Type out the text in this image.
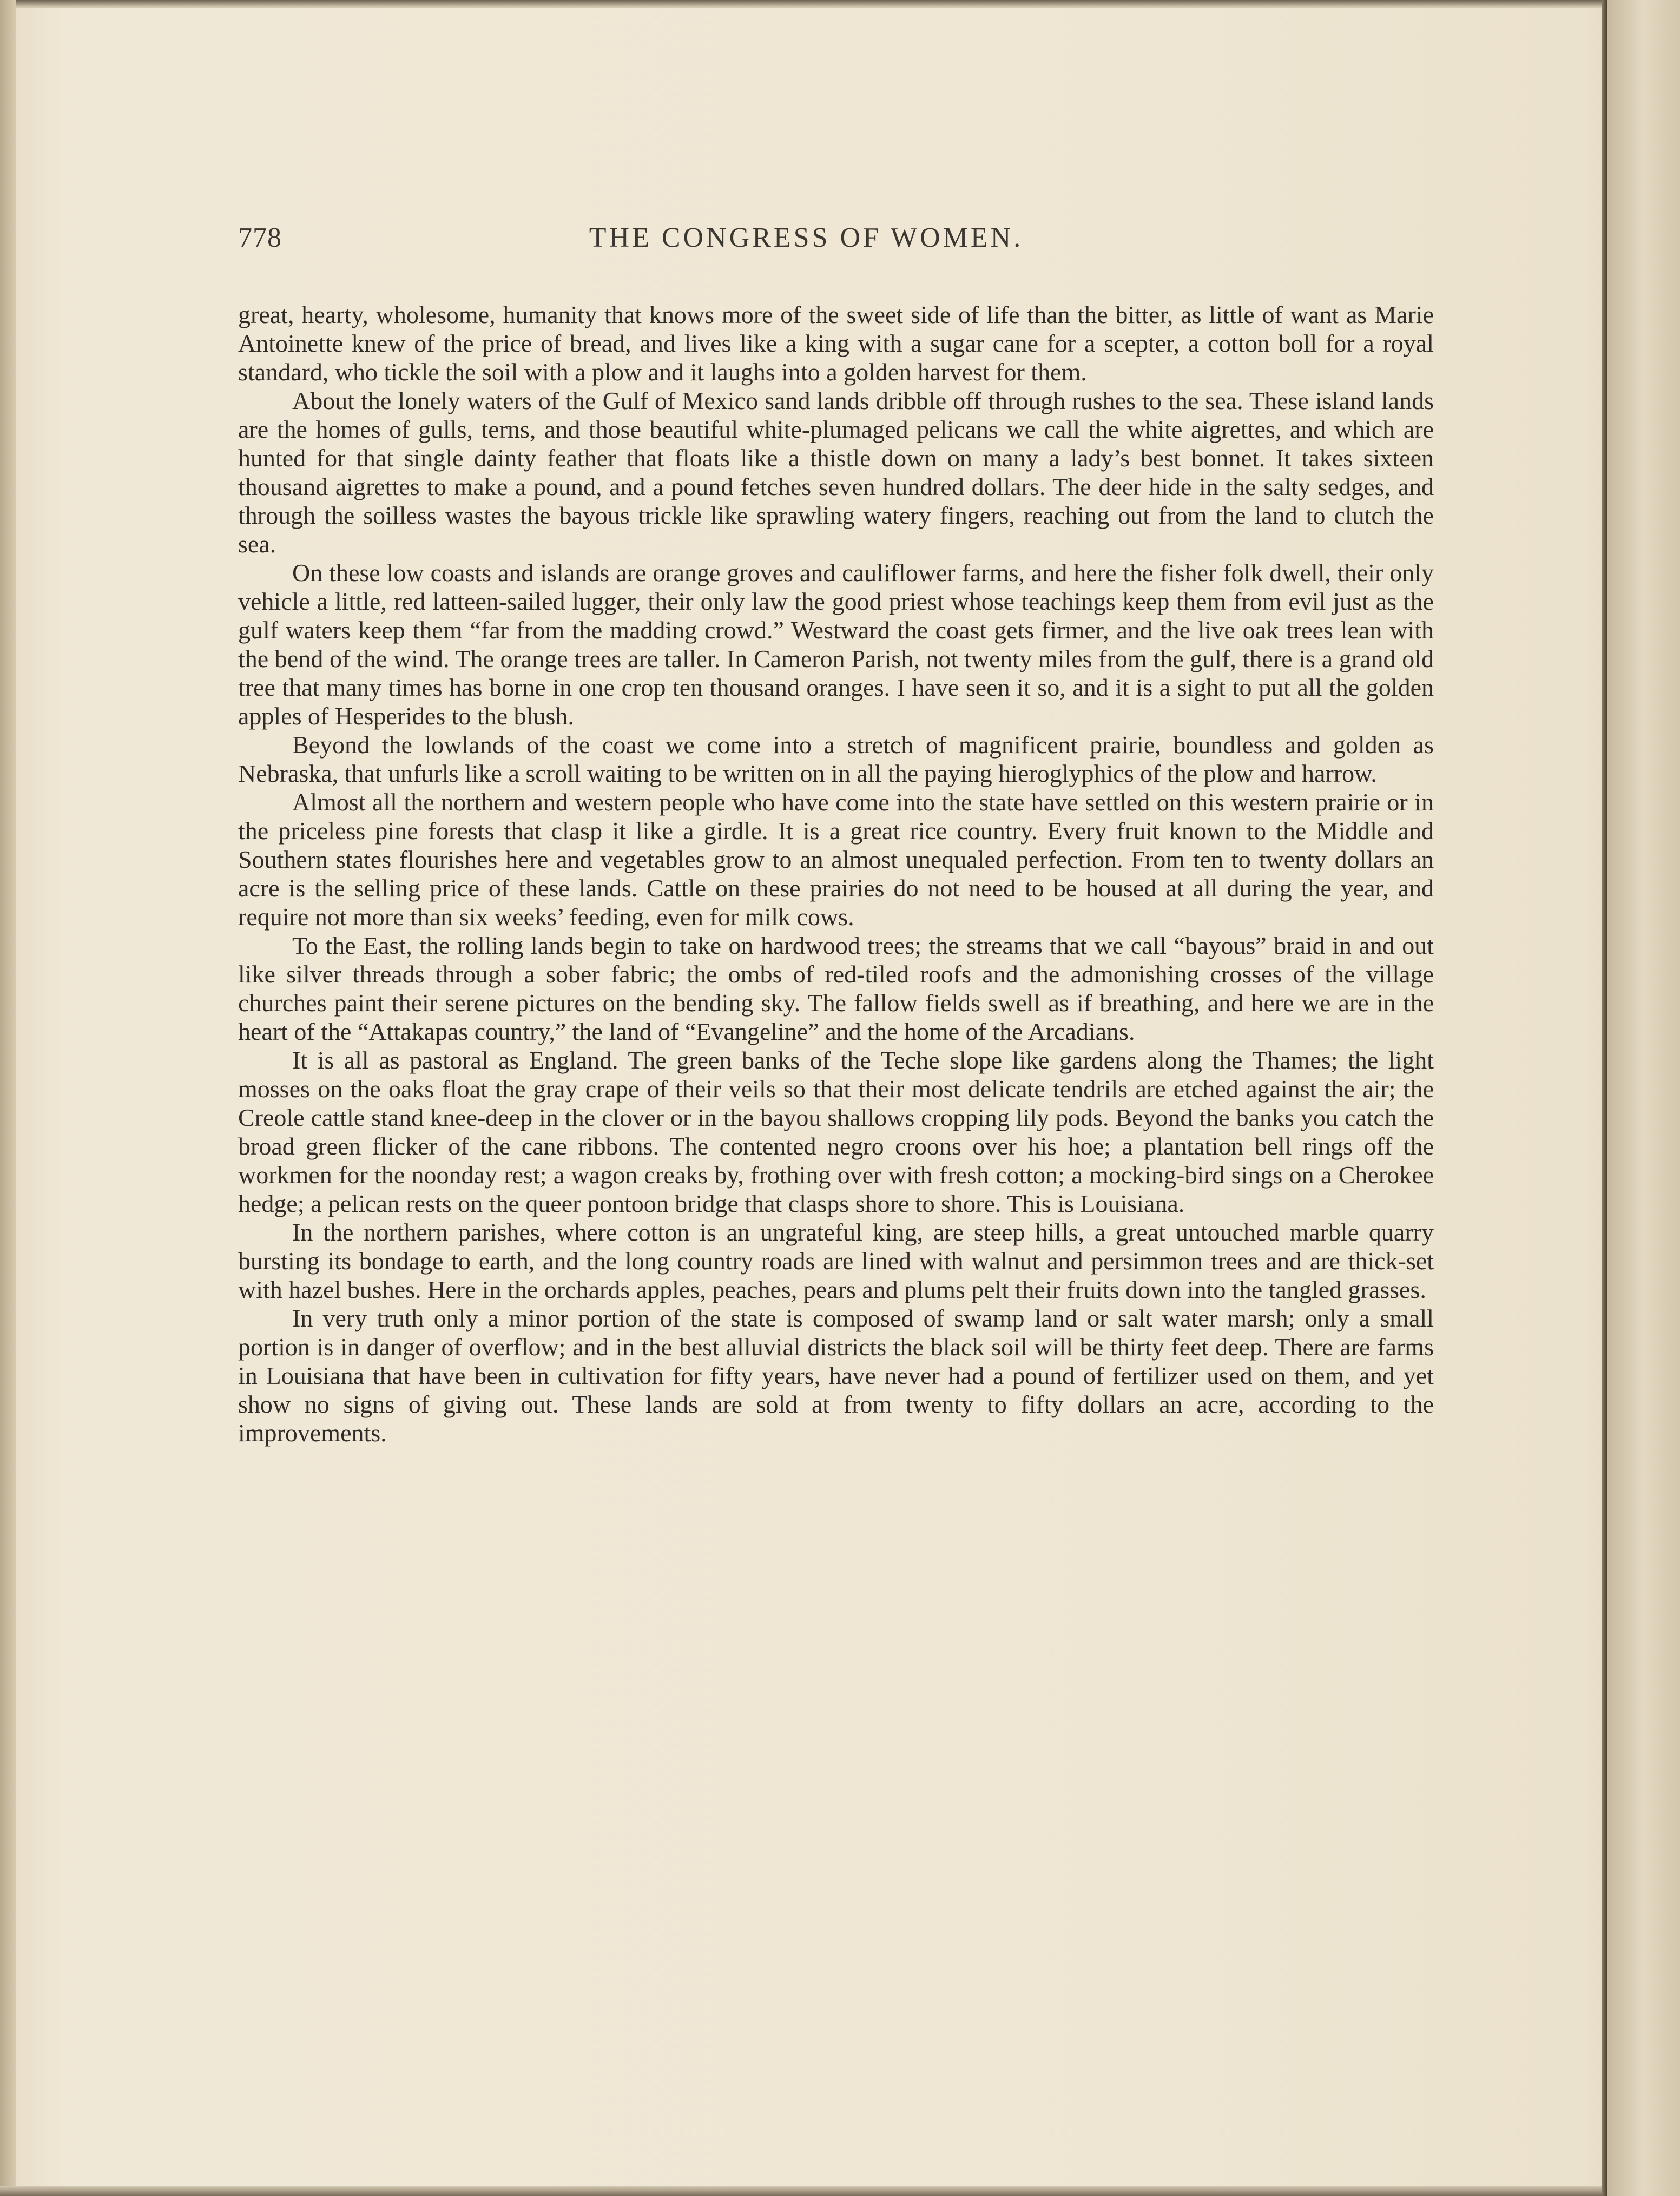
778	THE CONGRESS OF WOMEN.

great, hearty, wholesome, humanity that knows more of the sweet side of life than the bitter, as little of want as Marie Antoinette knew of the price of bread, and lives like a king with a sugar cane for a scepter, a cotton boll for a royal standard, who tickle the soil with a plow and it laughs into a golden harvest for them.

About the lonely waters of the Gulf of Mexico sand lands dribble off through rushes to the sea. These island lands are the homes of gulls, terns, and those beautiful white-plumaged pelicans we call the white aigrettes, and which are hunted for that single dainty feather that floats like a thistle down on many a lady’s best bonnet. It takes sixteen thousand aigrettes to make a pound, and a pound fetches seven hundred dollars. The deer hide in the salty sedges, and through the soilless wastes the bayous trickle like sprawling watery fingers, reaching out from the land to clutch the sea.

On these low coasts and islands are orange groves and cauliflower farms, and here the fisher folk dwell, their only vehicle a little, red latteen-sailed lugger, their only law the good priest whose teachings keep them from evil just as the gulf waters keep them “far from the madding crowd.” Westward the coast gets firmer, and the live oak trees lean with the bend of the wind. The orange trees are taller. In Cameron Parish, not twenty miles from the gulf, there is a grand old tree that many times has borne in one crop ten thousand oranges. I have seen it so, and it is a sight to put all the golden apples of Hesperides to the blush.

Beyond the lowlands of the coast we come into a stretch of magnificent prairie, boundless and golden as Nebraska, that unfurls like a scroll waiting to be written on in all the paying hieroglyphics of the plow and harrow.

Almost all the northern and western people who have come into the state have settled on this western prairie or in the priceless pine forests that clasp it like a girdle. It is a great rice country. Every fruit known to the Middle and Southern states flourishes here and vegetables grow to an almost unequaled perfection. From ten to twenty dollars an acre is the selling price of these lands. Cattle on these prairies do not need to be housed at all during the year, and require not more than six weeks’ feeding, even for milk cows.

To the East, the rolling lands begin to take on hardwood trees; the streams that we call “bayous” braid in and out like silver threads through a sober fabric; the ombs of red-tiled roofs and the admonishing crosses of the village churches paint their serene pictures on the bending sky. The fallow fields swell as if breathing, and here we are in the heart of the “Attakapas country,” the land of “Evangeline” and the home of the Arcadians.

It is all as pastoral as England. The green banks of the Teche slope like gardens along the Thames; the light mosses on the oaks float the gray crape of their veils so that their most delicate tendrils are etched against the air; the Creole cattle stand knee-deep in the clover or in the bayou shallows cropping lily pods. Beyond the banks you catch the broad green flicker of the cane ribbons. The contented negro croons over his hoe; a plantation bell rings off the workmen for the noonday rest; a wagon creaks by, frothing over with fresh cotton; a mocking-bird sings on a Cherokee hedge; a pelican rests on the queer pontoon bridge that clasps shore to shore. This is Louisiana.

In the northern parishes, where cotton is an ungrateful king, are steep hills, a great untouched marble quarry bursting its bondage to earth, and the long country roads are lined with walnut and persimmon trees and are thick-set with hazel bushes. Here in the orchards apples, peaches, pears and plums pelt their fruits down into the tangled grasses.

In very truth only a minor portion of the state is composed of swamp land or salt water marsh; only a small portion is in danger of overflow; and in the best alluvial districts the black soil will be thirty feet deep. There are farms in Louisiana that have been in cultivation for fifty years, have never had a pound of fertilizer used on them, and yet show no signs of giving out. These lands are sold at from twenty to fifty dollars an acre, according to the improvements.
